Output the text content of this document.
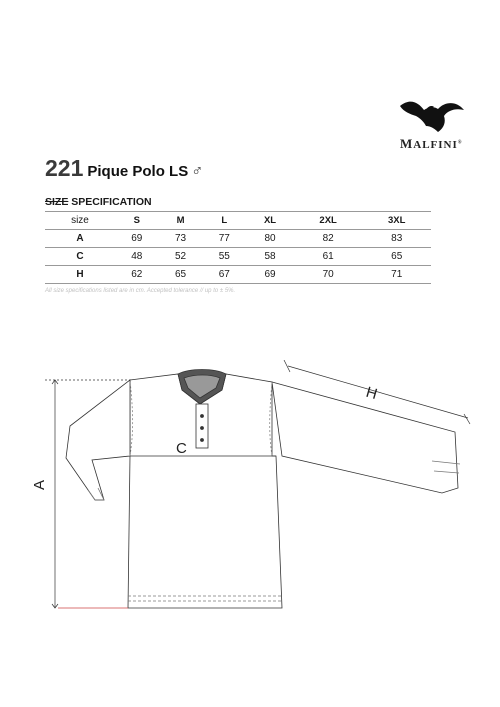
MALFINI®
221 Pique Polo LS ♂
SIZE SPECIFICATION
size	S	M	L	XL	2XL	3XL
A	69	73	77	80	82	83
C	48	52	55	58	61	65
H	62	65	67	69	70	71
All size specifications listed are in cm. Accepted tolerance // up to ± 5%.
A
H
C
